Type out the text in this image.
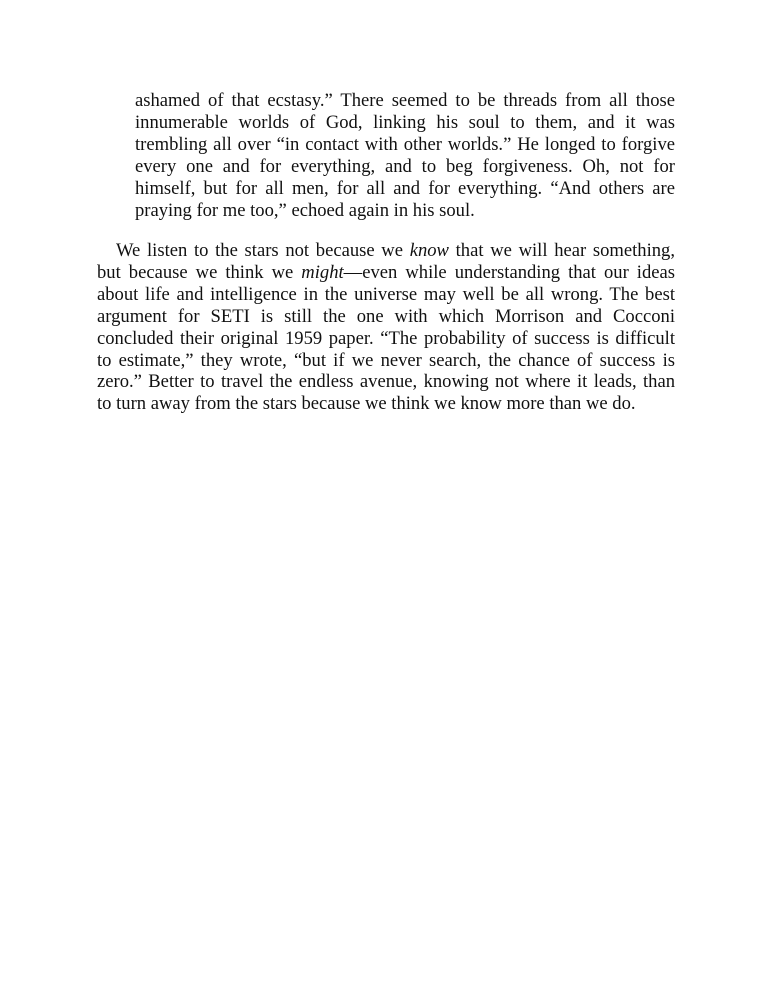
ashamed of that ecstasy.” There seemed to be threads from all those
innumerable worlds of God, linking his soul to them, and it was
trembling all over “in contact with other worlds.” He longed to forgive
every one and for everything, and to beg forgiveness. Oh, not for
himself, but for all men, for all and for everything. “And others are
praying for me too,” echoed again in his soul.

We listen to the stars not because we know that we will hear something,
but because we think we might—even while understanding that our ideas
about life and intelligence in the universe may well be all wrong. The best
argument for SETI is still the one with which Morrison and Cocconi
concluded their original 1959 paper. “The probability of success is difficult
to estimate,” they wrote, “but if we never search, the chance of success is
zero.” Better to travel the endless avenue, knowing not where it leads, than
to turn away from the stars because we think we know more than we do.
